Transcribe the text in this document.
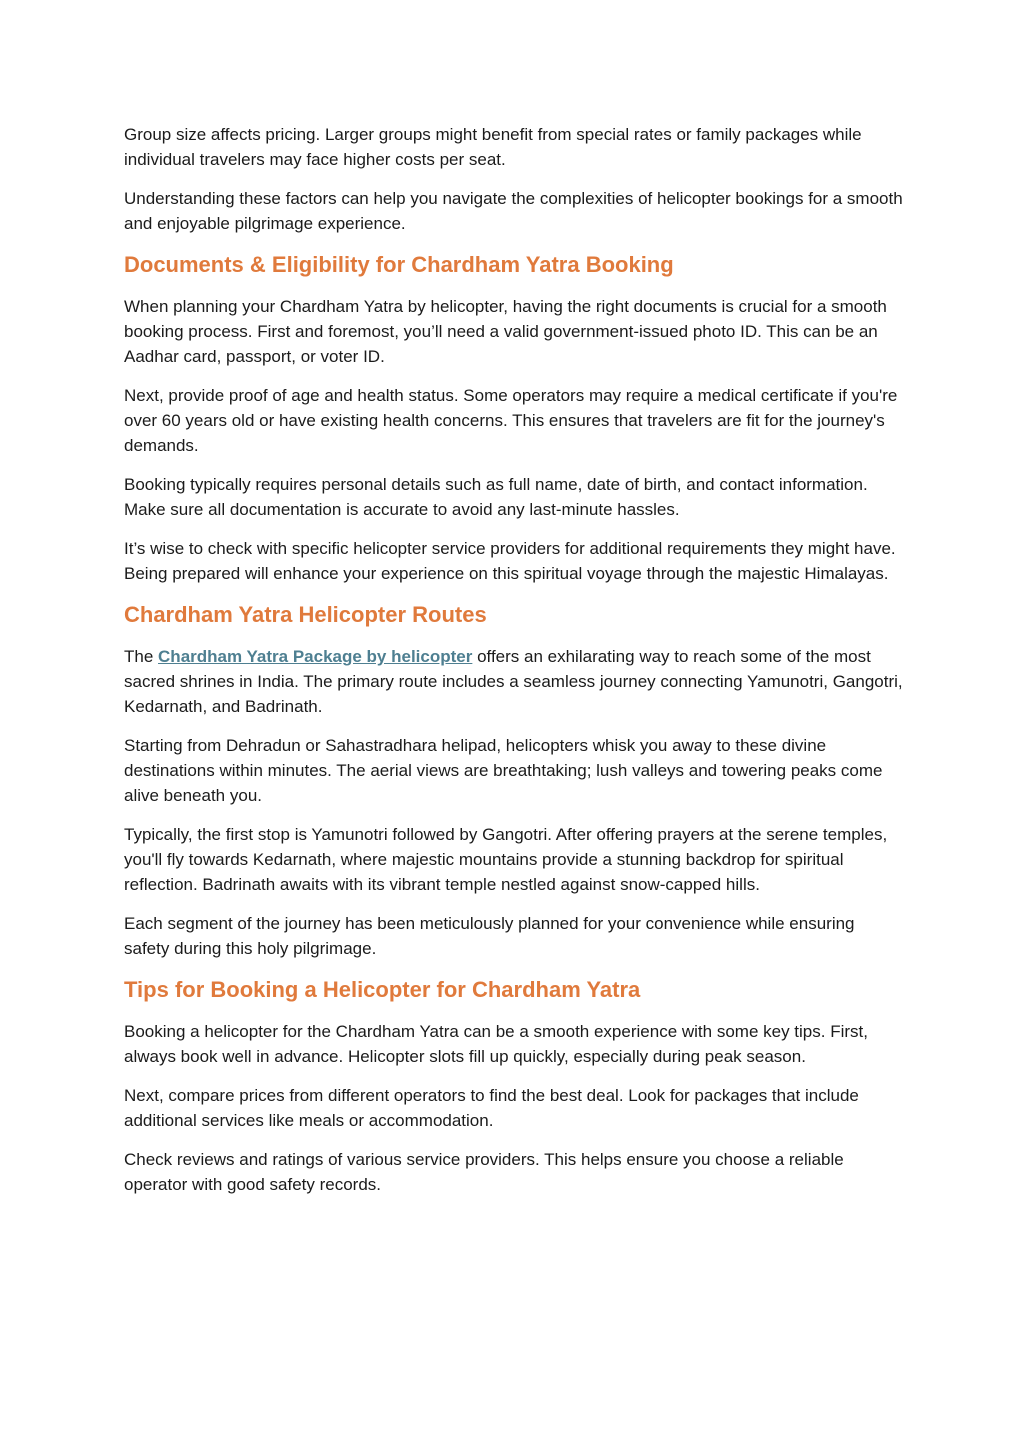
Group size affects pricing. Larger groups might benefit from special rates or family packages while individual travelers may face higher costs per seat.

Understanding these factors can help you navigate the complexities of helicopter bookings for a smooth and enjoyable pilgrimage experience.

Documents & Eligibility for Chardham Yatra Booking

When planning your Chardham Yatra by helicopter, having the right documents is crucial for a smooth booking process. First and foremost, you’ll need a valid government-issued photo ID. This can be an Aadhar card, passport, or voter ID.

Next, provide proof of age and health status. Some operators may require a medical certificate if you're over 60 years old or have existing health concerns. This ensures that travelers are fit for the journey's demands.

Booking typically requires personal details such as full name, date of birth, and contact information. Make sure all documentation is accurate to avoid any last-minute hassles.

It’s wise to check with specific helicopter service providers for additional requirements they might have. Being prepared will enhance your experience on this spiritual voyage through the majestic Himalayas.

Chardham Yatra Helicopter Routes

The Chardham Yatra Package by helicopter offers an exhilarating way to reach some of the most sacred shrines in India. The primary route includes a seamless journey connecting Yamunotri, Gangotri, Kedarnath, and Badrinath.

Starting from Dehradun or Sahastradhara helipad, helicopters whisk you away to these divine destinations within minutes. The aerial views are breathtaking; lush valleys and towering peaks come alive beneath you.

Typically, the first stop is Yamunotri followed by Gangotri. After offering prayers at the serene temples, you'll fly towards Kedarnath, where majestic mountains provide a stunning backdrop for spiritual reflection. Badrinath awaits with its vibrant temple nestled against snow-capped hills.

Each segment of the journey has been meticulously planned for your convenience while ensuring safety during this holy pilgrimage.

Tips for Booking a Helicopter for Chardham Yatra

Booking a helicopter for the Chardham Yatra can be a smooth experience with some key tips. First, always book well in advance. Helicopter slots fill up quickly, especially during peak season.

Next, compare prices from different operators to find the best deal. Look for packages that include additional services like meals or accommodation.

Check reviews and ratings of various service providers. This helps ensure you choose a reliable operator with good safety records.
